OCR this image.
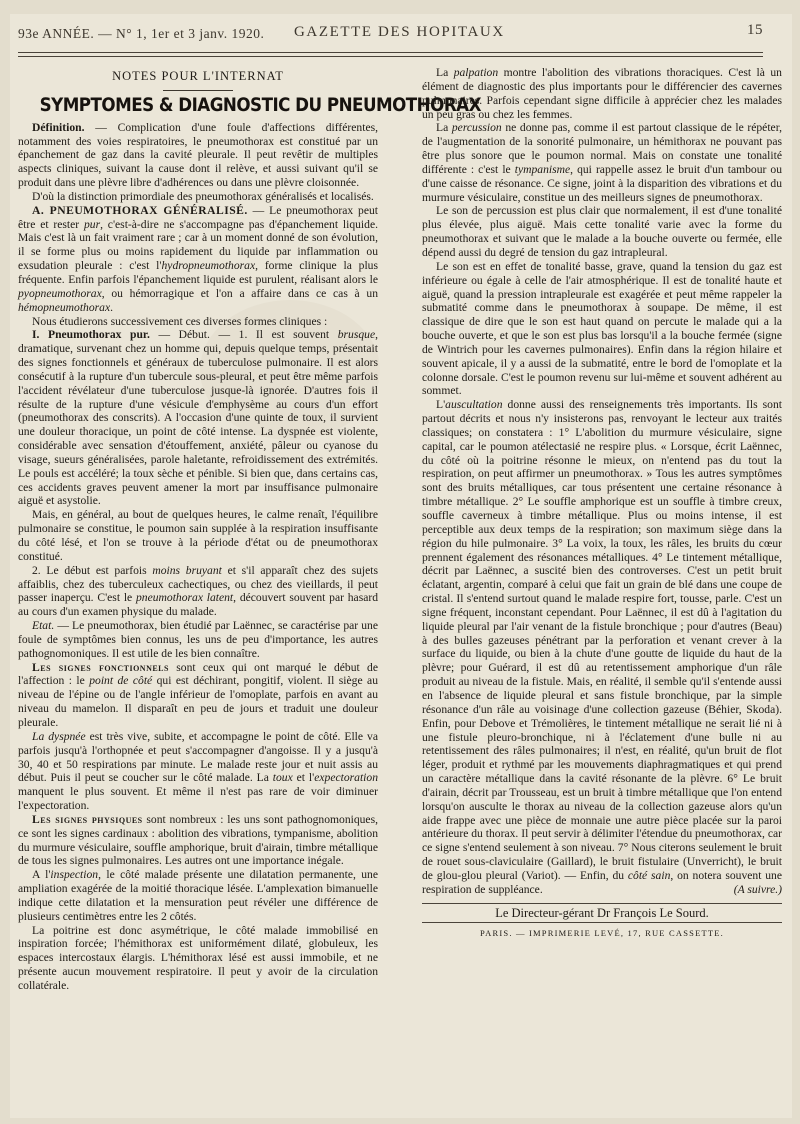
93e ANNÉE. — N° 1, 1er et 3 janv. 1920. GAZETTE DES HOPITAUX	15
NOTES POUR L'INTERNAT
SYMPTOMES & DIAGNOSTIC DU PNEUMOTHORAX

Définition. — Complication d'une foule d'affections différentes, notamment des voies respiratoires, le pneumothorax est constitué par un épanchement de gaz dans la cavité pleurale. Il peut revêtir de multiples aspects cliniques, suivant la cause dont il relève, et aussi suivant qu'il se produit dans une plèvre libre d'adhérences ou dans une plèvre cloisonnée.

D'où la distinction primordiale des pneumothorax généralisés et localisés.

A. PNEUMOTHORAX GÉNÉRALISÉ. — Le pneumothorax peut être et rester pur, c'est-à-dire ne s'accompagne pas d'épanchement liquide. Mais c'est là un fait vraiment rare ; car à un moment donné de son évolution, il se forme plus ou moins rapidement du liquide par inflammation ou exsudation pleurale : c'est l'hydropneumothorax, forme clinique la plus fréquente. Enfin parfois l'épanchement liquide est purulent, réalisant alors le pyopneumothorax, ou hémorragique et l'on a affaire dans ce cas à un hémopneumothorax.

Nous étudierons successivement ces diverses formes cliniques :

I. Pneumothorax pur. — Début. — 1. Il est souvent brusque, dramatique, survenant chez un homme qui, depuis quelque temps, présentait des signes fonctionnels et généraux de tuberculose pulmonaire. Il est alors consécutif à la rupture d'un tubercule sous-pleural, et peut être même parfois l'accident révélateur d'une tuberculose jusque-là ignorée. D'autres fois il résulte de la rupture d'une vésicule d'emphysème au cours d'un effort (pneumothorax des conscrits). A l'occasion d'une quinte de toux, il survient une douleur thoracique, un point de côté intense. La dyspnée est violente, considérable avec sensation d'étouffement, anxiété, pâleur ou cyanose du visage, sueurs généralisées, parole haletante, refroidissement des extrémités. Le pouls est accéléré; la toux sèche et pénible. Si bien que, dans certains cas, ces accidents graves peuvent amener la mort par insuffisance pulmonaire aiguë et asystolie.

Mais, en général, au bout de quelques heures, le calme renaît, l'équilibre pulmonaire se constitue, le poumon sain supplée à la respiration insuffisante du côté lésé, et l'on se trouve à la période d'état ou de pneumothorax constitué.

2. Le début est parfois moins bruyant et s'il apparaît chez des sujets affaiblis, chez des tuberculeux cachectiques, ou chez des vieillards, il peut passer inaperçu. C'est le pneumothorax latent, découvert souvent par hasard au cours d'un examen physique du malade.

Etat. — Le pneumothorax, bien étudié par Laënnec, se caractérise par une foule de symptômes bien connus, les uns de peu d'importance, les autres pathognomoniques. Il est utile de les bien connaître.

Les signes fonctionnels sont ceux qui ont marqué le début de l'affection : le point de côté qui est déchirant, pongitif, violent. Il siège au niveau de l'épine ou de l'angle inférieur de l'omoplate, parfois en avant au niveau du mamelon. Il disparaît en peu de jours et traduit une douleur pleurale.

La dyspnée est très vive, subite, et accompagne le point de côté. Elle va parfois jusqu'à l'orthopnée et peut s'accompagner d'angoisse. Il y a jusqu'à 30, 40 et 50 respirations par minute. Le malade reste jour et nuit assis au début. Puis il peut se coucher sur le côté malade. La toux et l'expectoration manquent le plus souvent. Et même il n'est pas rare de voir diminuer l'expectoration.

Les signes physiques sont nombreux : les uns sont pathognomoniques, ce sont les signes cardinaux : abolition des vibrations, tympanisme, abolition du murmure vésiculaire, souffle amphorique, bruit d'airain, timbre métallique de tous les signes pulmonaires. Les autres ont une importance inégale.

A l'inspection, le côté malade présente une dilatation permanente, une ampliation exagérée de la moitié thoracique lésée. L'amplexation bimanuelle indique cette dilatation et la mensuration peut révéler une différence de plusieurs centimètres entre les 2 côtés.

La poitrine est donc asymétrique, le côté malade immobilisé en inspiration forcée; l'hémithorax est uniformément dilaté, globuleux, les espaces intercostaux élargis. L'hémithorax lésé est aussi immobile, et ne présente aucun mouvement respiratoire. Il peut y avoir de la circulation collatérale.

La palpation montre l'abolition des vibrations thoraciques. C'est là un élément de diagnostic des plus importants pour le différencier des cavernes pulmonaires. Parfois cependant signe difficile à apprécier chez les malades un peu gras ou chez les femmes.

La percussion ne donne pas, comme il est partout classique de le répéter, de l'augmentation de la sonorité pulmonaire, un hémithorax ne pouvant pas être plus sonore que le poumon normal. Mais on constate une tonalité différente : c'est le tympanisme, qui rappelle assez le bruit d'un tambour ou d'une caisse de résonance. Ce signe, joint à la disparition des vibrations et du murmure vésiculaire, constitue un des meilleurs signes de pneumothorax.

Le son de percussion est plus clair que normalement, il est d'une tonalité plus élevée, plus aiguë. Mais cette tonalité varie avec la forme du pneumothorax et suivant que le malade a la bouche ouverte ou fermée, elle dépend aussi du degré de tension du gaz intrapleural.

Le son est en effet de tonalité basse, grave, quand la tension du gaz est inférieure ou égale à celle de l'air atmosphérique. Il est de tonalité haute et aiguë, quand la pression intrapleurale est exagérée et peut même rappeler la submatité comme dans le pneumothorax à soupape. De même, il est classique de dire que le son est haut quand on percute le malade qui a la bouche ouverte, et que le son est plus bas lorsqu'il a la bouche fermée (signe de Wintrich pour les cavernes pulmonaires). Enfin dans la région hilaire et souvent apicale, il y a aussi de la submatité, entre le bord de l'omoplate et la colonne dorsale. C'est le poumon revenu sur lui-même et souvent adhérent au sommet.

L'auscultation donne aussi des renseignements très importants. Ils sont partout décrits et nous n'y insisterons pas, renvoyant le lecteur aux traités classiques; on constatera : 1° L'abolition du murmure vésiculaire, signe capital, car le poumon atélectasié ne respire plus. « Lorsque, écrit Laënnec, du côté où la poitrine résonne le mieux, on n'entend pas du tout la respiration, on peut affirmer un pneumothorax. » Tous les autres symptômes sont des bruits métalliques, car tous présentent une certaine résonance à timbre métallique. 2° Le souffle amphorique est un souffle à timbre creux, souffle caverneux à timbre métallique. Plus ou moins intense, il est perceptible aux deux temps de la respiration; son maximum siège dans la région du hile pulmonaire. 3° La voix, la toux, les râles, les bruits du cœur prennent également des résonances métalliques. 4° Le tintement métallique, décrit par Laënnec, a suscité bien des controverses. C'est un petit bruit éclatant, argentin, comparé à celui que fait un grain de blé dans une coupe de cristal. Il s'entend surtout quand le malade respire fort, tousse, parle. C'est un signe fréquent, inconstant cependant. Pour Laënnec, il est dû à l'agitation du liquide pleural par l'air venant de la fistule bronchique ; pour d'autres (Beau) à des bulles gazeuses pénétrant par la perforation et venant crever à la surface du liquide, ou bien à la chute d'une goutte de liquide du haut de la plèvre; pour Guérard, il est dû au retentissement amphorique d'un râle produit au niveau de la fistule. Mais, en réalité, il semble qu'il s'entende aussi en l'absence de liquide pleural et sans fistule bronchique, par la simple résonance d'un râle au voisinage d'une collection gazeuse (Béhier, Skoda). Enfin, pour Debove et Trémolières, le tintement métallique ne serait lié ni à une fistule pleuro-bronchique, ni à l'éclatement d'une bulle ni au retentissement des râles pulmonaires; il n'est, en réalité, qu'un bruit de flot léger, produit et rythmé par les mouvements diaphragmatiques et qui prend un caractère métallique dans la cavité résonante de la plèvre. 6° Le bruit d'airain, décrit par Trousseau, est un bruit à timbre métallique que l'on entend lorsqu'on ausculte le thorax au niveau de la collection gazeuse alors qu'un aide frappe avec une pièce de monnaie une autre pièce placée sur la paroi antérieure du thorax. Il peut servir à délimiter l'étendue du pneumothorax, car ce signe s'entend seulement à son niveau. 7° Nous citerons seulement le bruit de rouet sous-claviculaire (Gaillard), le bruit fistulaire (Unverricht), le bruit de glou-glou pleural (Variot). — Enfin, du côté sain, on notera souvent une respiration de suppléance.	(A suivre.)

Le Directeur-gérant Dr François Le Sourd.
PARIS. — IMPRIMERIE LEVÉ, 17, RUE CASSETTE.
